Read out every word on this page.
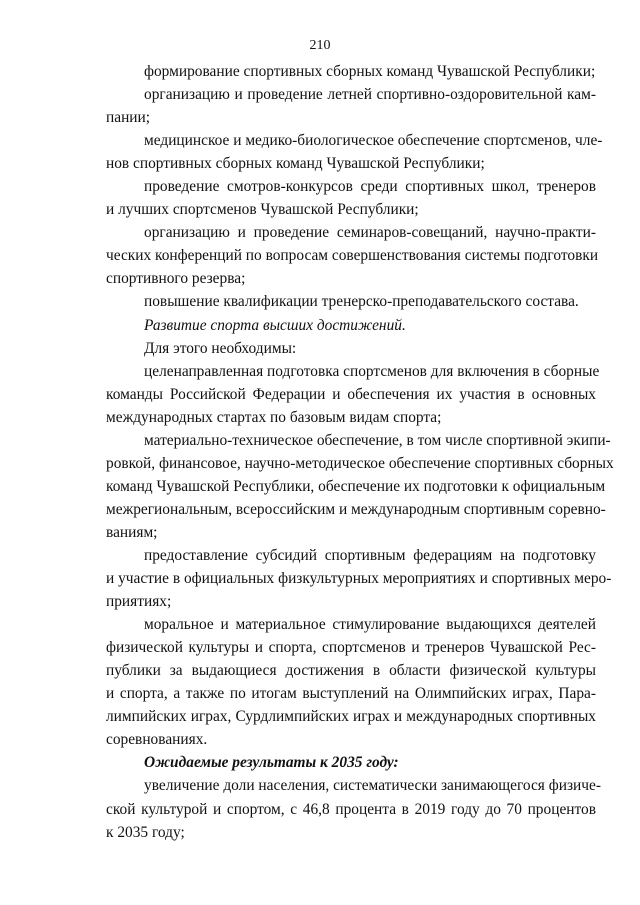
210
формирование спортивных сборных команд Чувашской Республики;
организацию и проведение летней спортивно-оздоровительной кам-
пании;
медицинское и медико-биологическое обеспечение спортсменов, чле-
нов спортивных сборных команд Чувашской Республики;
проведение смотров-конкурсов среди спортивных школ, тренеров
и лучших спортсменов Чувашской Республики;
организацию и проведение семинаров-совещаний, научно-практи-
ческих конференций по вопросам совершенствования системы подготовки
спортивного резерва;
повышение квалификации тренерско-преподавательского состава.
Развитие спорта высших достижений.
Для этого необходимы:
целенаправленная подготовка спортсменов для включения в сборные
команды Российской Федерации и обеспечения их участия в основных
международных стартах по базовым видам спорта;
материально-техническое обеспечение, в том числе спортивной экипи-
ровкой, финансовое, научно-методическое обеспечение спортивных сборных
команд Чувашской Республики, обеспечение их подготовки к официальным
межрегиональным, всероссийским и международным спортивным соревно-
ваниям;
предоставление субсидий спортивным федерациям на подготовку
и участие в официальных физкультурных мероприятиях и спортивных меро-
приятиях;
моральное и материальное стимулирование выдающихся деятелей
физической культуры и спорта, спортсменов и тренеров Чувашской Рес-
публики за выдающиеся достижения в области физической культуры
и спорта, а также по итогам выступлений на Олимпийских играх, Пара-
лимпийских играх, Сурдлимпийских играх и международных спортивных
соревнованиях.
Ожидаемые результаты к 2035 году:
увеличение доли населения, систематически занимающегося физиче-
ской культурой и спортом, с 46,8 процента в 2019 году до 70 процентов
к 2035 году;
